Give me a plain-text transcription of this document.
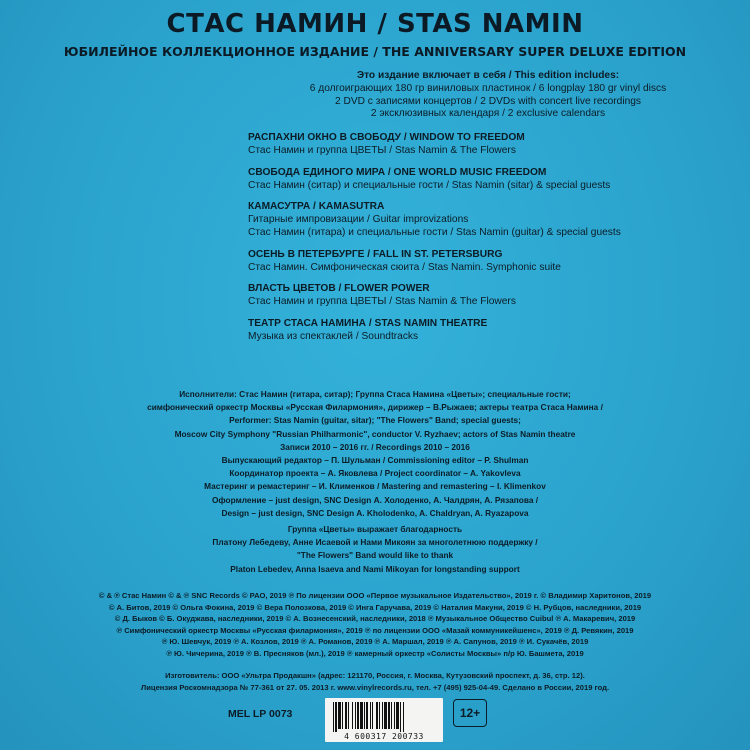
СТАС НАМИН / STAS NAMIN
ЮБИЛЕЙНОЕ КОЛЛЕКЦИОННОЕ ИЗДАНИЕ / THE ANNIVERSARY SUPER DELUXE EDITION
Это издание включает в себя / This edition includes:
6 долгоиграющих 180 гр виниловых пластинок / 6 longplay 180 gr vinyl discs
2 DVD с записями концертов / 2 DVDs with concert live recordings
2 эксклюзивных календаря / 2 exclusive calendars
РАСПАХНИ ОКНО В СВОБОДУ / WINDOW TO FREEDOM
Стас Намин и группа ЦВЕТЫ / Stas Namin & The Flowers
СВОБОДА ЕДИНОГО МИРА / ONE WORLD MUSIC FREEDOM
Стас Намин (ситар) и специальные гости / Stas Namin (sitar) & special guests
КАМАСУТРА / KAMASUTRA
Гитарные импровизации / Guitar improvizations
Стас Намин (гитара) и специальные гости / Stas Namin (guitar) & special guests
ОСЕНЬ В ПЕТЕРБУРГЕ / FALL IN ST. PETERSBURG
Стас Намин. Симфоническая сюита / Stas Namin. Symphonic suite
ВЛАСТЬ ЦВЕТОВ / FLOWER POWER
Стас Намин и группа ЦВЕТЫ / Stas Namin & The Flowers
ТЕАТР СТАСА НАМИНА / STAS NAMIN THEATRE
Музыка из спектаклей / Soundtracks
Исполнители: Стас Намин (гитара, ситар); Группа Стаса Намина «Цветы»; специальные гости;
симфонический оркестр Москвы «Русская Филармония», дирижер – В.Рыжаев; актеры театра Стаса Намина /
Performer: Stas Namin (guitar, sitar); "The Flowers" Band; special guests;
Moscow City Symphony "Russian Philharmonic", conductor V. Ryzhaev; actors of Stas Namin theatre
Записи 2010 – 2016 гг. / Recordings 2010 – 2016
Выпускающий редактор – П. Шульман / Commissioning editor – P. Shulman
Координатор проекта – А. Яковлева / Project coordinator – A. Yakovleva
Мастеринг и ремастеринг – И. Клименков / Mastering and remastering – I. Klimenkov
Оформление – just design, SNC Design А. Холоденко, А. Чалдрян, А. Рязапова /
Design – just design, SNC Design A. Kholodenko, A. Chaldryan, A. Ryazapova
Группа «Цветы» выражает благодарность
Платону Лебедеву, Анне Исаевой и Нами Микоян за многолетнюю поддержку /
"The Flowers" Band would like to thank
Platon Lebedev, Anna Isaeva and Nami Mikoyan for longstanding support
© & ℗ Стас Намин © & ℗ SNC Records © РАО, 2019 ℗ По лицензии ООО «Первое музыкальное Издательство», 2019 г. © Владимир Харитонов, 2019
© А. Битов, 2019 © Ольга Фокина, 2019 © Вера Полозкова, 2019 © Инга Гаручава, 2019 © Наталия Макуни, 2019 © Н. Рубцов, наследники, 2019
© Д. Быков © Б. Окуджава, наследники, 2019 © А. Вознесенский, наследники, 2018 ℗ Музыкальное Общество Cuibul ℗ А. Макаревич, 2019
℗ Симфонический оркестр Москвы «Русская филармония», 2019 ℗ по лицензии ООО «Мазай коммуникейшенс», 2019 ℗ Д. Ревякин, 2019
℗ Ю. Шевчук, 2019 ℗ А. Козлов, 2019 ℗ А. Романов, 2019 ℗ А. Маршал, 2019 ℗ А. Сапунов, 2019 ℗ И. Сукачёв, 2019
℗ Ю. Чичерина, 2019 ℗ В. Пресняков (мл.), 2019 ℗ камерный оркестр «Солисты Москвы» п/р Ю. Башмета, 2019
Изготовитель: ООО «Ультра Продакшн» (адрес: 121170, Россия, г. Москва, Кутузовский проспект, д. 36, стр. 12).
Лицензия Роскомнадзора № 77-361 от 27. 05. 2013 г. www.vinylrecords.ru, тел. +7 (495) 925-04-49. Сделано в России, 2019 год.
MEL LP 0073
4 600317 200733
12+
